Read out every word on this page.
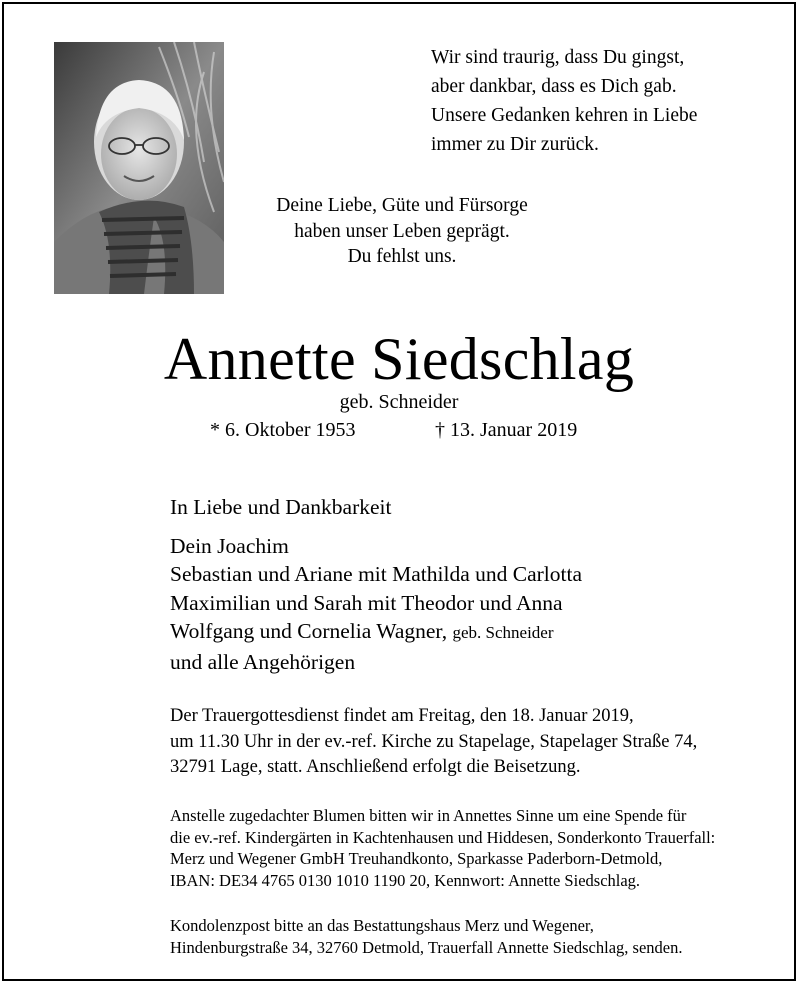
Wir sind traurig, dass Du gingst,
aber dankbar, dass es Dich gab.
Unsere Gedanken kehren in Liebe
immer zu Dir zurück.
Deine Liebe, Güte und Fürsorge
haben unser Leben geprägt.
Du fehlst uns.
Annette Siedschlag
geb. Schneider
* 6. Oktober 1953	† 13. Januar 2019
In Liebe und Dankbarkeit
Dein Joachim
Sebastian und Ariane mit Mathilda und Carlotta
Maximilian und Sarah mit Theodor und Anna
Wolfgang und Cornelia Wagner, geb. Schneider
und alle Angehörigen
Der Trauergottesdienst findet am Freitag, den 18. Januar 2019,
um 11.30 Uhr in der ev.-ref. Kirche zu Stapelage, Stapelager Straße 74,
32791 Lage, statt. Anschließend erfolgt die Beisetzung.
Anstelle zugedachter Blumen bitten wir in Annettes Sinne um eine Spende für
die ev.-ref. Kindergärten in Kachtenhausen und Hiddesen, Sonderkonto Trauerfall:
Merz und Wegener GmbH Treuhandkonto, Sparkasse Paderborn-Detmold,
IBAN: DE34 4765 0130 1010 1190 20, Kennwort: Annette Siedschlag.
Kondolenzpost bitte an das Bestattungshaus Merz und Wegener,
Hindenburgstraße 34, 32760 Detmold, Trauerfall Annette Siedschlag, senden.
